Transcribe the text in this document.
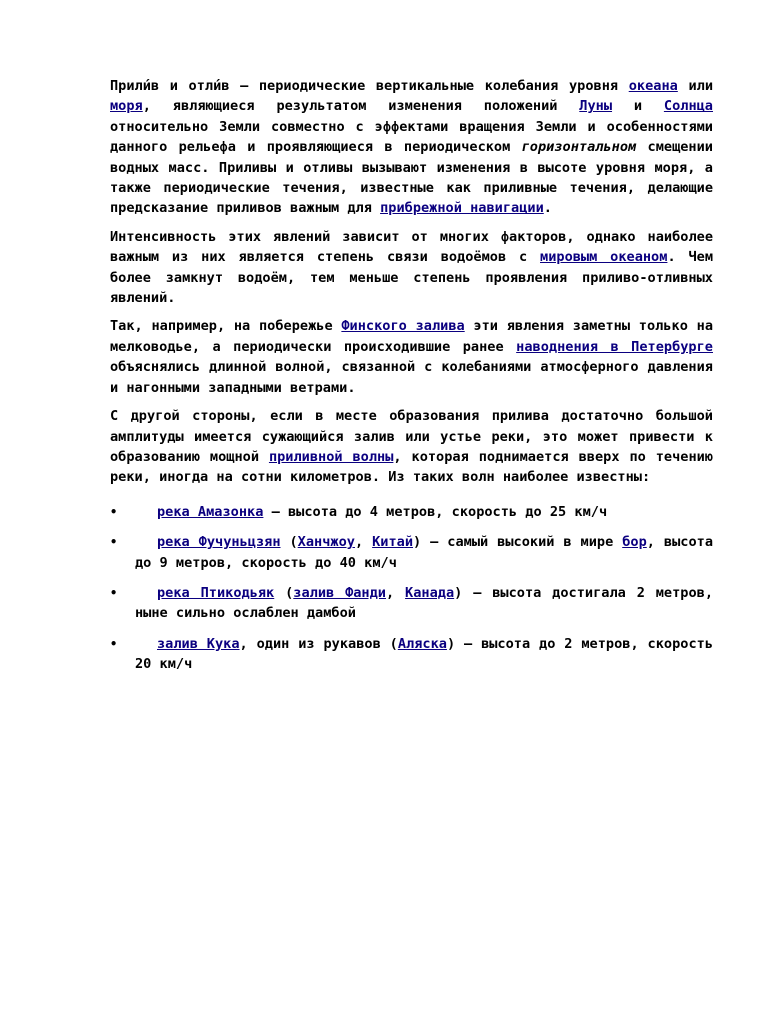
Прили́в и отли́в — периодические вертикальные колебания уровня океана или моря, являющиеся результатом изменения положений Луны и Солнца относительно Земли совместно с эффектами вращения Земли и особенностями данного рельефа и проявляющиеся в периодическом горизонтальном смещении водных масс. Приливы и отливы вызывают изменения в высоте уровня моря, а также периодические течения, известные как приливные течения, делающие предсказание приливов важным для прибрежной навигации.

Интенсивность этих явлений зависит от многих факторов, однако наиболее важным из них является степень связи водоёмов с мировым океаном. Чем более замкнут водоём, тем меньше степень проявления приливо-отливных явлений.

Так, например, на побережье Финского залива эти явления заметны только на мелководье, а периодически происходившие ранее наводнения в Петербурге объяснялись длинной волной, связанной с колебаниями атмосферного давления и нагонными западными ветрами.

С другой стороны, если в месте образования прилива достаточно большой амплитуды имеется сужающийся залив или устье реки, это может привести к образованию мощной приливной волны, которая поднимается вверх по течению реки, иногда на сотни километров. Из таких волн наиболее известны:

•	река Амазонка — высота до 4 метров, скорость до 25 км/ч
•	река Фучуньцзян (Ханчжоу, Китай) — самый высокий в мире бор, высота до 9 метров, скорость до 40 км/ч
•	река Птикодьяк (залив Фанди, Канада) — высота достигала 2 метров, ныне сильно ослаблен дамбой
•	залив Кука, один из рукавов (Аляска) — высота до 2 метров, скорость 20 км/ч
